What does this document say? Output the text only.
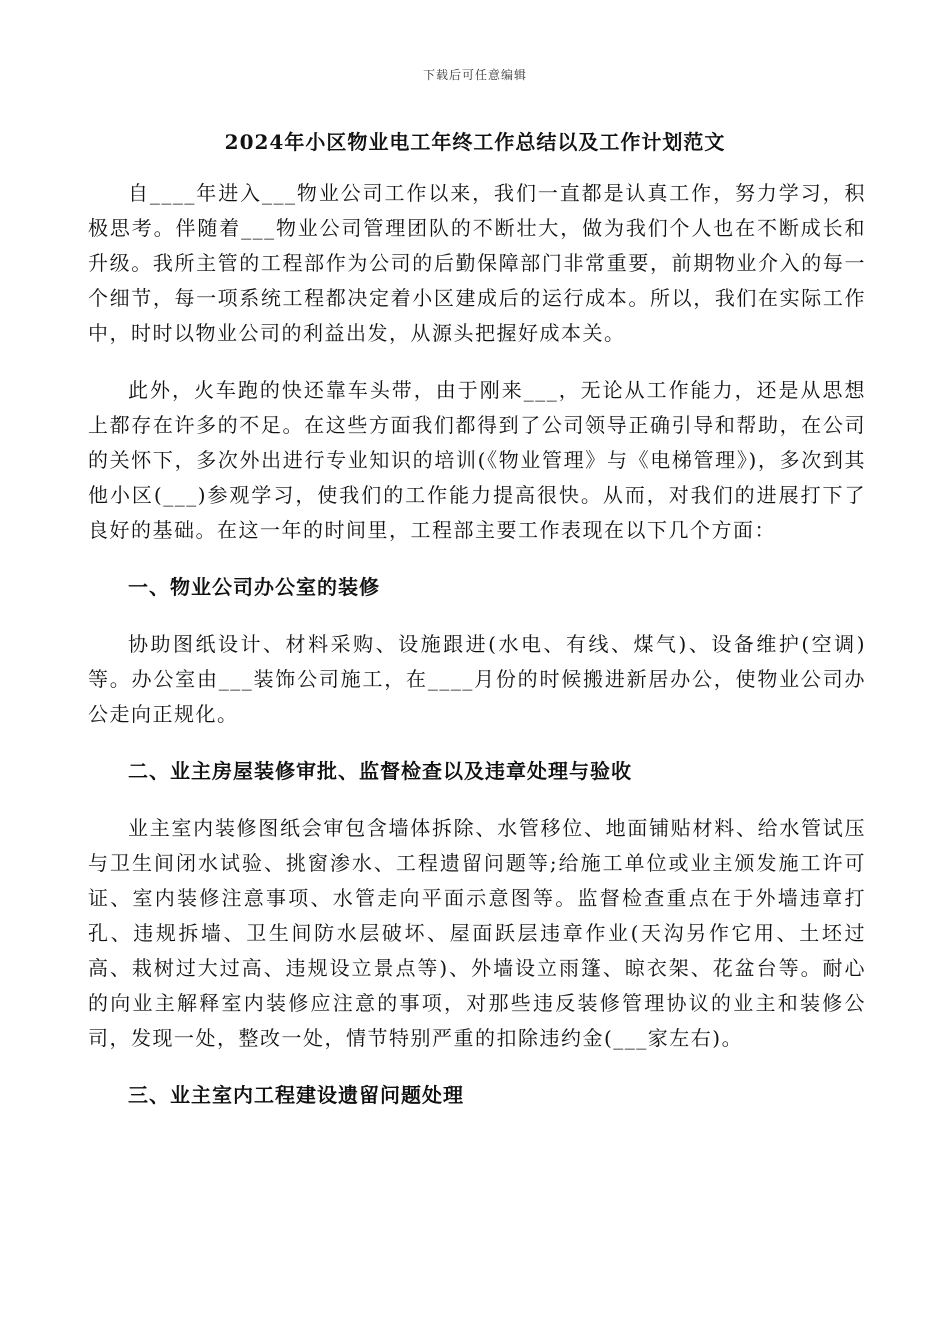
下载后可任意编辑
2024年小区物业电工年终工作总结以及工作计划范文

自____年进入___物业公司工作以来，我们一直都是认真工作，努力学习，积极思考。伴随着___物业公司管理团队的不断壮大，做为我们个人也在不断成长和升级。我所主管的工程部作为公司的后勤保障部门非常重要，前期物业介入的每一个细节，每一项系统工程都决定着小区建成后的运行成本。所以，我们在实际工作中，时时以物业公司的利益出发，从源头把握好成本关。

此外，火车跑的快还靠车头带，由于刚来___，无论从工作能力，还是从思想上都存在许多的不足。在这些方面我们都得到了公司领导正确引导和帮助，在公司的关怀下，多次外出进行专业知识的培训(《物业管理》与《电梯管理》)，多次到其他小区(___)参观学习，使我们的工作能力提高很快。从而，对我们的进展打下了良好的基础。在这一年的时间里，工程部主要工作表现在以下几个方面：

一、物业公司办公室的装修

协助图纸设计、材料采购、设施跟进(水电、有线、煤气)、设备维护(空调)等。办公室由___装饰公司施工，在____月份的时候搬进新居办公，使物业公司办公走向正规化。

二、业主房屋装修审批、监督检查以及违章处理与验收

业主室内装修图纸会审包含墙体拆除、水管移位、地面铺贴材料、给水管试压与卫生间闭水试验、挑窗渗水、工程遗留问题等;给施工单位或业主颁发施工许可证、室内装修注意事项、水管走向平面示意图等。监督检查重点在于外墙违章打孔、违规拆墙、卫生间防水层破坏、屋面跃层违章作业(天沟另作它用、土坯过高、栽树过大过高、违规设立景点等)、外墙设立雨篷、晾衣架、花盆台等。耐心的向业主解释室内装修应注意的事项，对那些违反装修管理协议的业主和装修公司，发现一处，整改一处，情节特别严重的扣除违约金(___家左右)。

三、业主室内工程建设遗留问题处理
